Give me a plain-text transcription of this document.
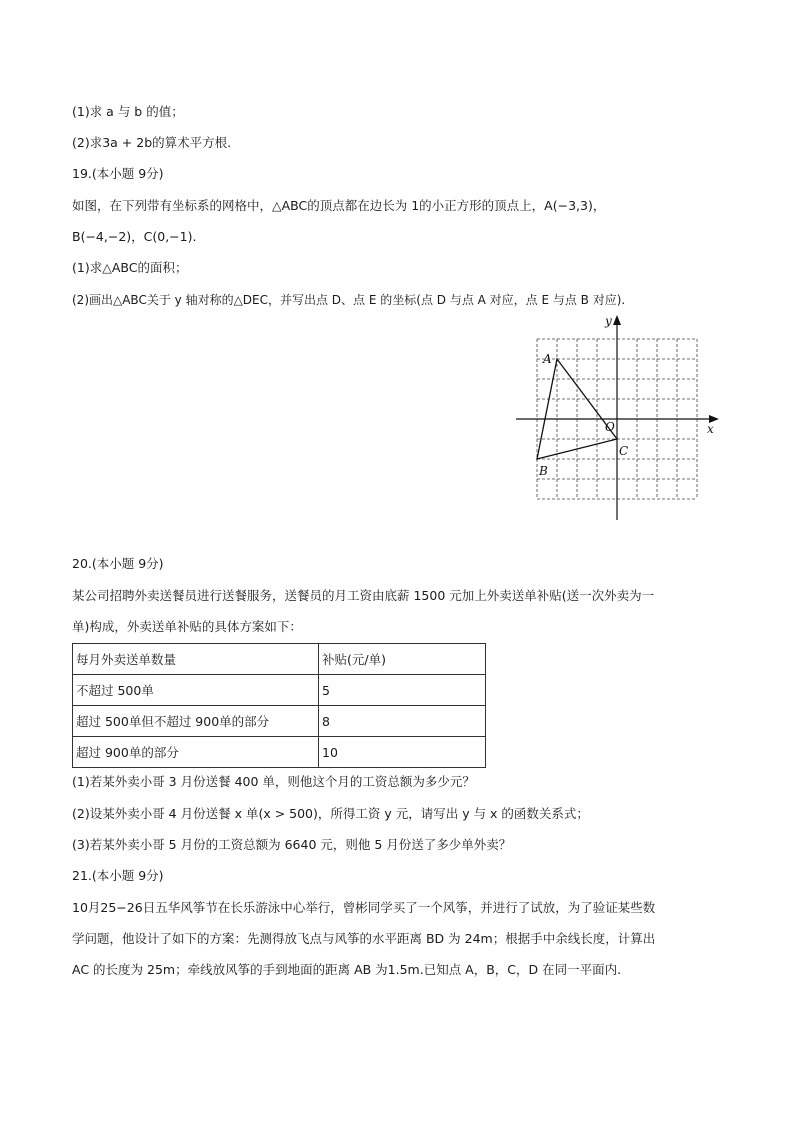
(1)求 a 与 b 的值；
(2)求3a + 2b的算术平方根.
19.(本小题 9分)
如图，在下列带有坐标系的网格中，△ABC的顶点都在边长为 1的小正方形的顶点上，A(−3,3)，
B(−4,−2)，C(0,−1).
(1)求△ABC的面积；
(2)画出△ABC关于 y 轴对称的△DEC，并写出点 D、点 E 的坐标(点 D 与点 A 对应，点 E 与点 B 对应).
x
y
O
A
B
C
20.(本小题 9分)
某公司招聘外卖送餐员进行送餐服务，送餐员的月工资由底薪 1500 元加上外卖送单补贴(送一次外卖为一
单)构成，外卖送单补贴的具体方案如下：
每月外卖送单数量	补贴(元/单)
不超过 500单	5
超过 500单但不超过 900单的部分	8
超过 900单的部分	10
(1)若某外卖小哥 3 月份送餐 400 单，则他这个月的工资总额为多少元？
(2)设某外卖小哥 4 月份送餐 x 单(x > 500)，所得工资 y 元，请写出 y 与 x 的函数关系式；
(3)若某外卖小哥 5 月份的工资总额为 6640 元，则他 5 月份送了多少单外卖？
21.(本小题 9分)
10月25−26日五华风筝节在长乐游泳中心举行，曾彬同学买了一个风筝，并进行了试放，为了验证某些数
学问题，他设计了如下的方案：先测得放飞点与风筝的水平距离 BD 为 24m；根据手中余线长度，计算出
AC 的长度为 25m；牵线放风筝的手到地面的距离 AB 为1.5m.已知点 A，B，C，D 在同一平面内.
